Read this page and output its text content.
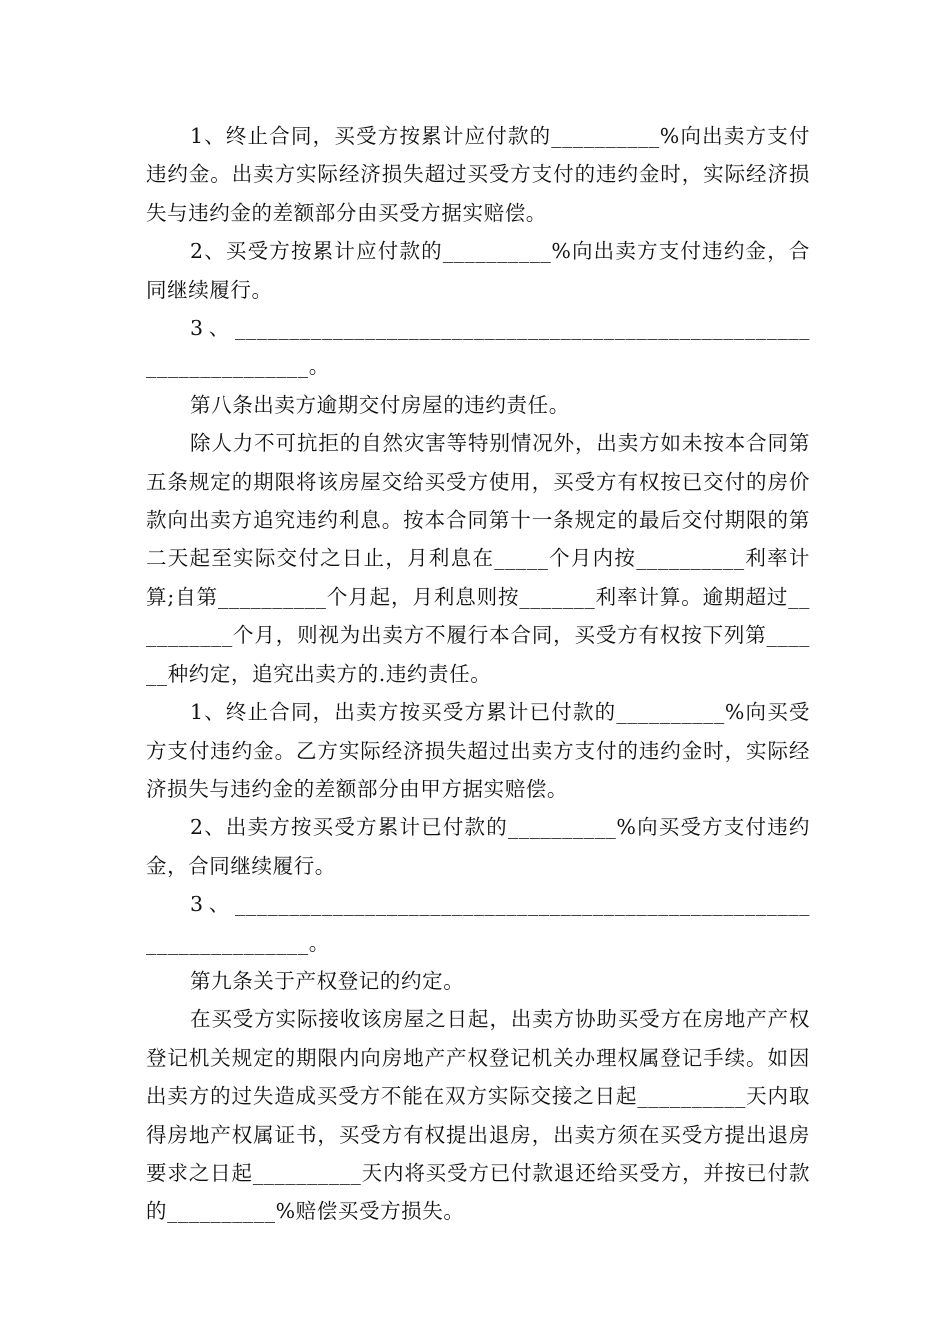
1、终止合同，买受方按累计应付款的__________%向出卖方支付违约金。出卖方实际经济损失超过买受方支付的违约金时，实际经济损失与违约金的差额部分由买受方据实赔偿。

2、买受方按累计应付款的__________%向出卖方支付违约金，合同继续履行。

3、____________________________________________________________________。

第八条出卖方逾期交付房屋的违约责任。

除人力不可抗拒的自然灾害等特别情况外，出卖方如未按本合同第五条规定的期限将该房屋交给买受方使用，买受方有权按已交付的房价款向出卖方追究违约利息。按本合同第十一条规定的最后交付期限的第二天起至实际交付之日止，月利息在_____个月内按__________利率计算;自第__________个月起，月利息则按_______利率计算。逾期超过__________个月，则视为出卖方不履行本合同，买受方有权按下列第______种约定，追究出卖方的.违约责任。

1、终止合同，出卖方按买受方累计已付款的__________%向买受方支付违约金。乙方实际经济损失超过出卖方支付的违约金时，实际经济损失与违约金的差额部分由甲方据实赔偿。

2、出卖方按买受方累计已付款的__________%向买受方支付违约金，合同继续履行。

3、____________________________________________________________________。

第九条关于产权登记的约定。

在买受方实际接收该房屋之日起，出卖方协助买受方在房地产产权登记机关规定的期限内向房地产产权登记机关办理权属登记手续。如因出卖方的过失造成买受方不能在双方实际交接之日起__________天内取得房地产权属证书，买受方有权提出退房，出卖方须在买受方提出退房要求之日起__________天内将买受方已付款退还给买受方，并按已付款的__________%赔偿买受方损失。
